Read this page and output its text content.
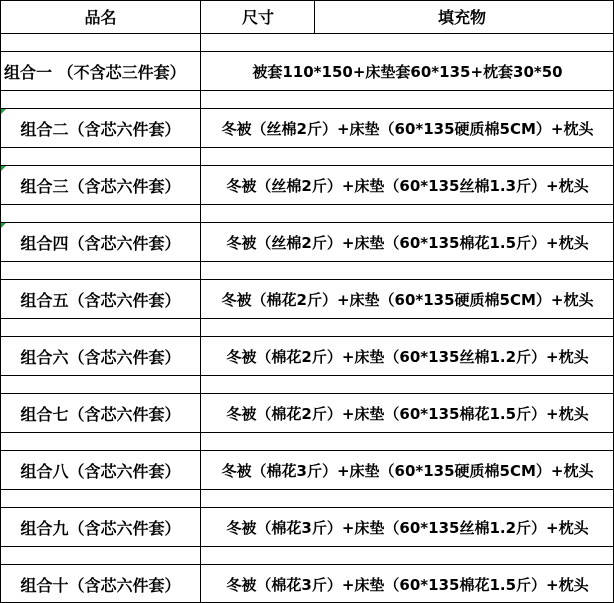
品名	尺寸	填充物
组合一 （不含芯三件套）	被套110*150+床垫套60*135+枕套30*50
组合二（含芯六件套）	冬被（丝棉2斤）+床垫（60*135硬质棉5CM）+枕头
组合三（含芯六件套）	冬被（丝棉2斤）+床垫（60*135丝棉1.3斤）+枕头
组合四（含芯六件套）	冬被（丝棉2斤）+床垫（60*135棉花1.5斤）+枕头
组合五（含芯六件套）	冬被（棉花2斤）+床垫（60*135硬质棉5CM）+枕头
组合六（含芯六件套）	冬被（棉花2斤）+床垫（60*135丝棉1.2斤）+枕头
组合七（含芯六件套）	冬被（棉花2斤）+床垫（60*135棉花1.5斤）+枕头
组合八（含芯六件套）	冬被（棉花3斤）+床垫（60*135硬质棉5CM）+枕头
组合九（含芯六件套）	冬被（棉花3斤）+床垫（60*135丝棉1.2斤）+枕头
组合十（含芯六件套）	冬被（棉花3斤）+床垫（60*135棉花1.5斤）+枕头
